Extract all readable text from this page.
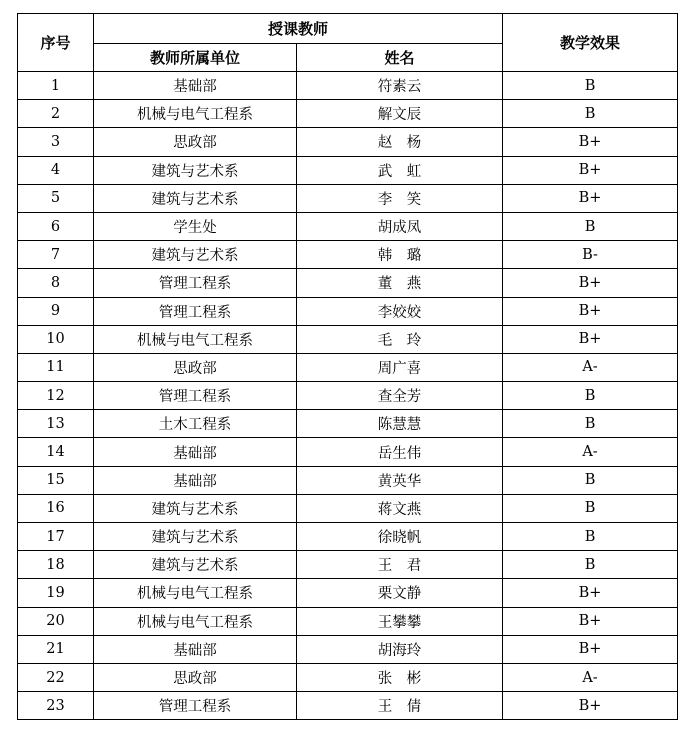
序号	授课教师		教学效果
	教师所属单位	姓名	
1	基础部	符素云	B
2	机械与电气工程系	解文辰	B
3	思政部	赵　杨	B+
4	建筑与艺术系	武　虹	B+
5	建筑与艺术系	李　笑	B+
6	学生处	胡成凤	B
7	建筑与艺术系	韩　璐	B-
8	管理工程系	董　燕	B+
9	管理工程系	李姣姣	B+
10	机械与电气工程系	毛　玲	B+
11	思政部	周广喜	A-
12	管理工程系	查全芳	B
13	土木工程系	陈慧慧	B
14	基础部	岳生伟	A-
15	基础部	黄英华	B
16	建筑与艺术系	蒋文燕	B
17	建筑与艺术系	徐晓帆	B
18	建筑与艺术系	王　君	B
19	机械与电气工程系	栗文静	B+
20	机械与电气工程系	王攀攀	B+
21	基础部	胡海玲	B+
22	思政部	张　彬	A-
23	管理工程系	王　倩	B+
